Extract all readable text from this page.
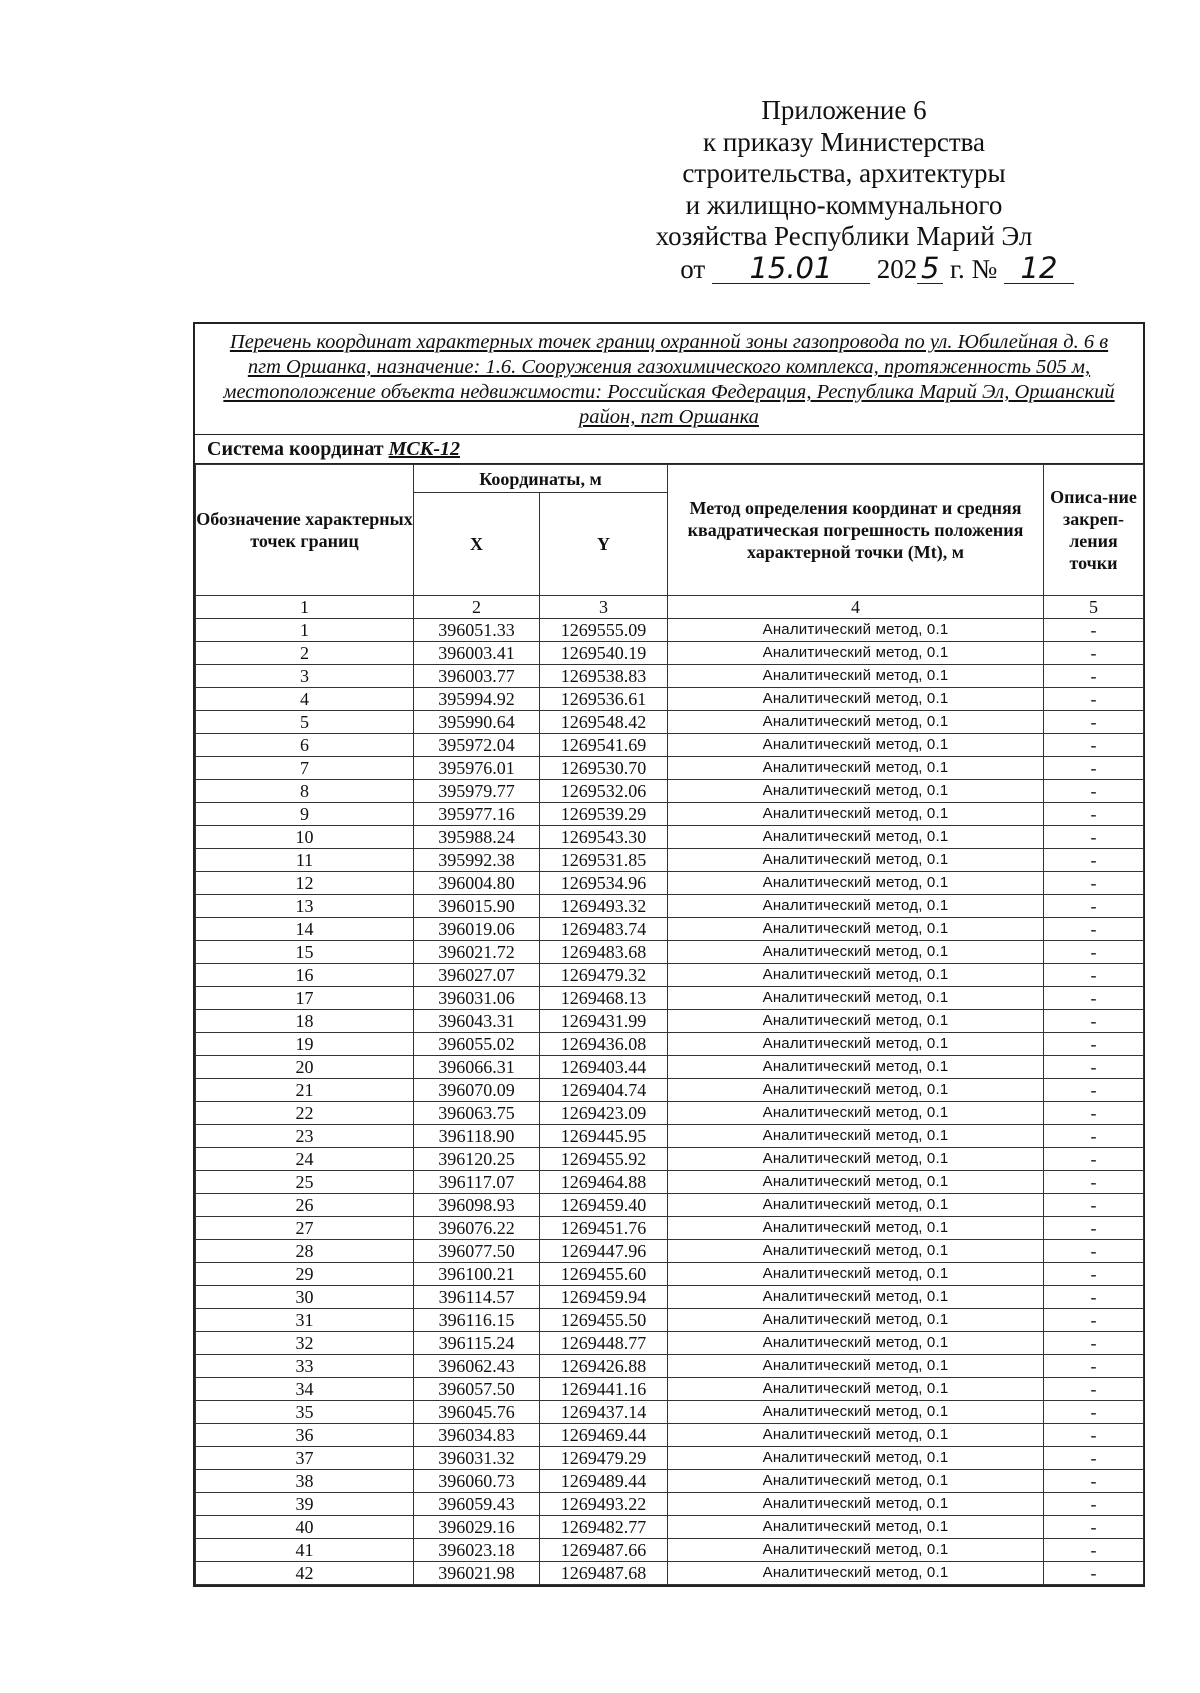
Приложение 6
к приказу Министерства
строительства, архитектуры
и жилищно-коммунального
хозяйства Республики Марий Эл
от 15.01 202 5 г. № 12
Перечень координат характерных точек границ охранной зоны газопровода по ул. Юбилейная д. 6 в пгт Оршанка, назначение: 1.6. Сооружения газохимического комплекса, протяженность 505 м, местоположение объекта недвижимости: Российская Федерация, Республика Марий Эл, Оршанский район, пгт Оршанка
Система координат МСК-12
Обозначение характерных точек границ	Координаты, м		Метод определения координат и средняя квадратическая погрешность положения характерной точки (Mt), м	Описа-ние закреп-ления точки
	X	Y		
1	2	3	4	5
1	396051.33	1269555.09	Аналитический метод, 0.1	-
2	396003.41	1269540.19	Аналитический метод, 0.1	-
3	396003.77	1269538.83	Аналитический метод, 0.1	-
4	395994.92	1269536.61	Аналитический метод, 0.1	-
5	395990.64	1269548.42	Аналитический метод, 0.1	-
6	395972.04	1269541.69	Аналитический метод, 0.1	-
7	395976.01	1269530.70	Аналитический метод, 0.1	-
8	395979.77	1269532.06	Аналитический метод, 0.1	-
9	395977.16	1269539.29	Аналитический метод, 0.1	-
10	395988.24	1269543.30	Аналитический метод, 0.1	-
11	395992.38	1269531.85	Аналитический метод, 0.1	-
12	396004.80	1269534.96	Аналитический метод, 0.1	-
13	396015.90	1269493.32	Аналитический метод, 0.1	-
14	396019.06	1269483.74	Аналитический метод, 0.1	-
15	396021.72	1269483.68	Аналитический метод, 0.1	-
16	396027.07	1269479.32	Аналитический метод, 0.1	-
17	396031.06	1269468.13	Аналитический метод, 0.1	-
18	396043.31	1269431.99	Аналитический метод, 0.1	-
19	396055.02	1269436.08	Аналитический метод, 0.1	-
20	396066.31	1269403.44	Аналитический метод, 0.1	-
21	396070.09	1269404.74	Аналитический метод, 0.1	-
22	396063.75	1269423.09	Аналитический метод, 0.1	-
23	396118.90	1269445.95	Аналитический метод, 0.1	-
24	396120.25	1269455.92	Аналитический метод, 0.1	-
25	396117.07	1269464.88	Аналитический метод, 0.1	-
26	396098.93	1269459.40	Аналитический метод, 0.1	-
27	396076.22	1269451.76	Аналитический метод, 0.1	-
28	396077.50	1269447.96	Аналитический метод, 0.1	-
29	396100.21	1269455.60	Аналитический метод, 0.1	-
30	396114.57	1269459.94	Аналитический метод, 0.1	-
31	396116.15	1269455.50	Аналитический метод, 0.1	-
32	396115.24	1269448.77	Аналитический метод, 0.1	-
33	396062.43	1269426.88	Аналитический метод, 0.1	-
34	396057.50	1269441.16	Аналитический метод, 0.1	-
35	396045.76	1269437.14	Аналитический метод, 0.1	-
36	396034.83	1269469.44	Аналитический метод, 0.1	-
37	396031.32	1269479.29	Аналитический метод, 0.1	-
38	396060.73	1269489.44	Аналитический метод, 0.1	-
39	396059.43	1269493.22	Аналитический метод, 0.1	-
40	396029.16	1269482.77	Аналитический метод, 0.1	-
41	396023.18	1269487.66	Аналитический метод, 0.1	-
42	396021.98	1269487.68	Аналитический метод, 0.1	-
